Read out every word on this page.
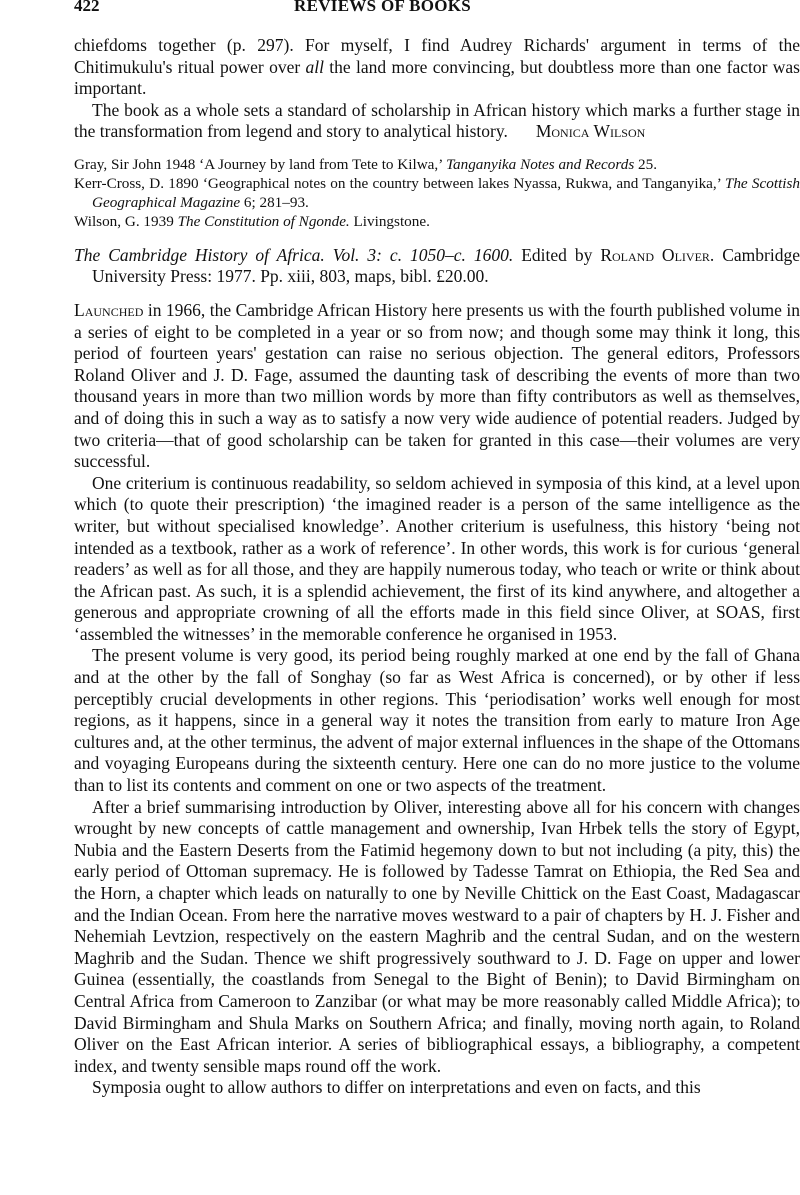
422	REVIEWS OF BOOKS

chiefdoms together (p. 297). For myself, I find Audrey Richards' argument in terms of the Chitimukulu's ritual power over all the land more convincing, but doubtless more than one factor was important.

The book as a whole sets a standard of scholarship in African history which marks a further stage in the transformation from legend and story to analytical history. Monica Wilson

Gray, Sir John 1948 ‘A Journey by land from Tete to Kilwa,’ Tanganyika Notes and Records 25.

Kerr-Cross, D. 1890 ‘Geographical notes on the country between lakes Nyassa, Rukwa, and Tanganyika,’ The Scottish Geographical Magazine 6; 281–93.

Wilson, G. 1939 The Constitution of Ngonde. Livingstone.

The Cambridge History of Africa. Vol. 3: c. 1050–c. 1600. Edited by Roland Oliver. Cambridge University Press: 1977. Pp. xiii, 803, maps, bibl. £20.00.

Launched in 1966, the Cambridge African History here presents us with the fourth published volume in a series of eight to be completed in a year or so from now; and though some may think it long, this period of fourteen years' gestation can raise no serious objection. The general editors, Professors Roland Oliver and J. D. Fage, assumed the daunting task of describing the events of more than two thousand years in more than two million words by more than fifty contributors as well as themselves, and of doing this in such a way as to satisfy a now very wide audience of potential readers. Judged by two criteria—that of good scholarship can be taken for granted in this case—their volumes are very successful.

One criterium is continuous readability, so seldom achieved in symposia of this kind, at a level upon which (to quote their prescription) ‘the imagined reader is a person of the same intelligence as the writer, but without specialised knowledge’. Another criterium is usefulness, this history ‘being not intended as a textbook, rather as a work of reference’. In other words, this work is for curious ‘general readers’ as well as for all those, and they are happily numerous today, who teach or write or think about the African past. As such, it is a splendid achievement, the first of its kind anywhere, and altogether a generous and appropriate crowning of all the efforts made in this field since Oliver, at SOAS, first ‘assembled the witnesses’ in the memorable conference he organised in 1953.

The present volume is very good, its period being roughly marked at one end by the fall of Ghana and at the other by the fall of Songhay (so far as West Africa is concerned), or by other if less perceptibly crucial developments in other regions. This ‘periodisation’ works well enough for most regions, as it happens, since in a general way it notes the transition from early to mature Iron Age cultures and, at the other terminus, the advent of major external influences in the shape of the Ottomans and voyaging Europeans during the sixteenth century. Here one can do no more justice to the volume than to list its contents and comment on one or two aspects of the treatment.

After a brief summarising introduction by Oliver, interesting above all for his concern with changes wrought by new concepts of cattle management and ownership, Ivan Hrbek tells the story of Egypt, Nubia and the Eastern Deserts from the Fatimid hegemony down to but not including (a pity, this) the early period of Ottoman supremacy. He is followed by Tadesse Tamrat on Ethiopia, the Red Sea and the Horn, a chapter which leads on naturally to one by Neville Chittick on the East Coast, Madagascar and the Indian Ocean. From here the narrative moves westward to a pair of chapters by H. J. Fisher and Nehemiah Levtzion, respectively on the eastern Maghrib and the central Sudan, and on the western Maghrib and the Sudan. Thence we shift progressively southward to J. D. Fage on upper and lower Guinea (essentially, the coastlands from Senegal to the Bight of Benin); to David Birmingham on Central Africa from Cameroon to Zanzibar (or what may be more reasonably called Middle Africa); to David Birmingham and Shula Marks on Southern Africa; and finally, moving north again, to Roland Oliver on the East African interior. A series of bibliographical essays, a bibliography, a competent index, and twenty sensible maps round off the work.

Symposia ought to allow authors to differ on interpretations and even on facts, and this
